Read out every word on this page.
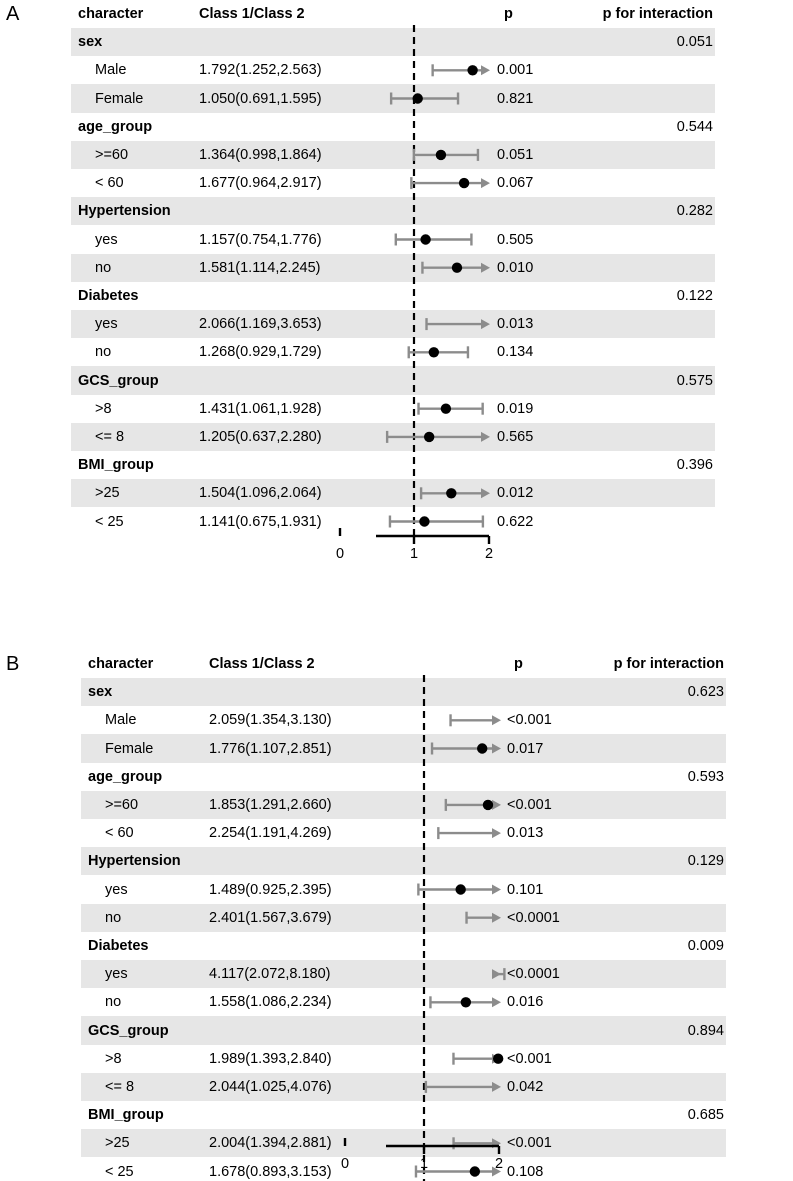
A	character	Class 1/Class 2	p	p for interaction
sex	0.051
Male	1.792(1.252,2.563)	0.001
Female	1.050(0.691,1.595)	0.821
age_group	0.544
>=60	1.364(0.998,1.864)	0.051
< 60	1.677(0.964,2.917)	0.067
Hypertension	0.282
yes	1.157(0.754,1.776)	0.505
no	1.581(1.114,2.245)	0.010
Diabetes	0.122
yes	2.066(1.169,3.653)	0.013
no	1.268(0.929,1.729)	0.134
GCS_group	0.575
>8	1.431(1.061,1.928)	0.019
<= 8	1.205(0.637,2.280)	0.565
BMI_group	0.396
>25	1.504(1.096,2.064)	0.012
< 25	1.141(0.675,1.931)	0.622
0	1	2
B	character	Class 1/Class 2	p	p for interaction
sex	0.623
Male	2.059(1.354,3.130)	<0.001
Female	1.776(1.107,2.851)	0.017
age_group	0.593
>=60	1.853(1.291,2.660)	<0.001
< 60	2.254(1.191,4.269)	0.013
Hypertension	0.129
yes	1.489(0.925,2.395)	0.101
no	2.401(1.567,3.679)	<0.0001
Diabetes	0.009
yes	4.117(2.072,8.180)	<0.0001
no	1.558(1.086,2.234)	0.016
GCS_group	0.894
>8	1.989(1.393,2.840)	<0.001
<= 8	2.044(1.025,4.076)	0.042
BMI_group	0.685
>25	2.004(1.394,2.881)	<0.001
< 25	1.678(0.893,3.153)	0.108
0	1	2
